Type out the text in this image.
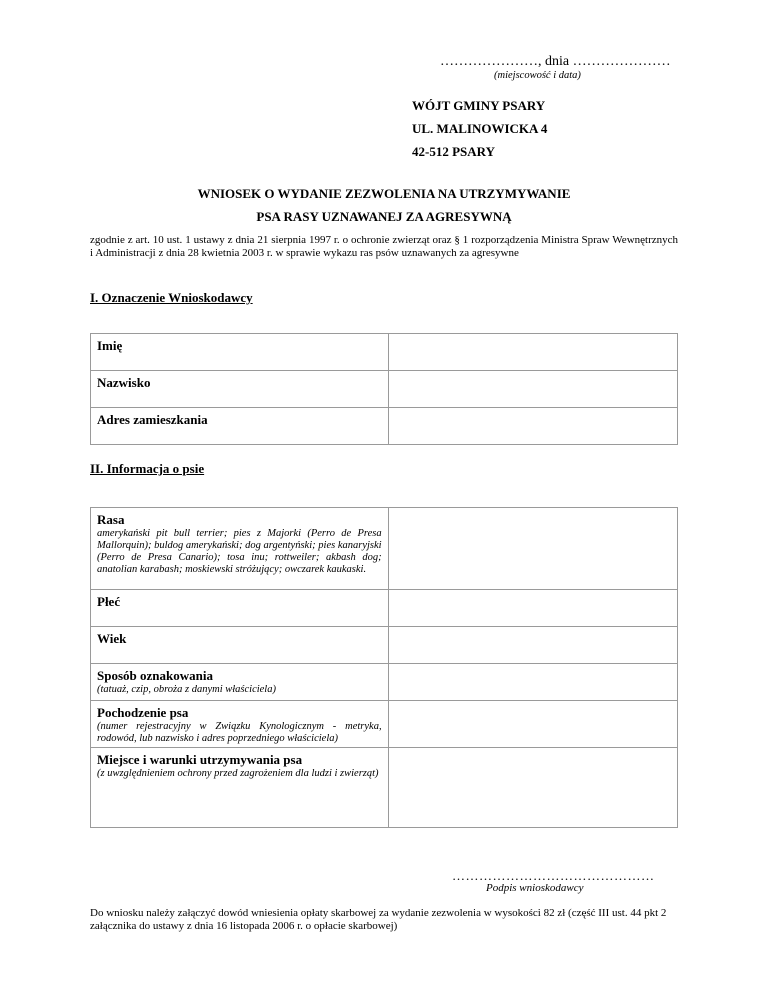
…………………, dnia …………………
(miejscowość i data)
WÓJT GMINY PSARY
UL. MALINOWICKA 4
42-512 PSARY
WNIOSEK O WYDANIE ZEZWOLENIA NA UTRZYMYWANIE
PSA RASY UZNAWANEJ ZA AGRESYWNĄ
zgodnie z art. 10 ust. 1 ustawy z dnia 21 sierpnia 1997 r. o ochronie zwierząt oraz § 1 rozporządzenia Ministra Spraw Wewnętrznych i Administracji z dnia 28 kwietnia 2003 r. w sprawie wykazu ras psów uznawanych za agresywne
I. Oznaczenie Wnioskodawcy
Imię	

Nazwisko	

Adres zamieszkania	

II. Informacja o psie
Rasa
amerykański pit bull terrier; pies z Majorki (Perro de Presa Mallorquin); buldog amerykański; dog argentyński; pies kanaryjski (Perro de Presa Canario); tosa inu; rottweiler; akbash dog; anatolian karabash; moskiewski stróżujący; owczarek kaukaski.	

Płeć	

Wiek	

Sposób oznakowania
(tatuaż, czip, obroża z danymi właściciela)	

Pochodzenie psa
(numer rejestracyjny w Związku Kynologicznym - metryka, rodowód, lub nazwisko i adres poprzedniego właściciela)	

Miejsce i warunki utrzymywania psa
(z uwzględnieniem ochrony przed zagrożeniem dla ludzi i zwierząt)	

………………………………………
Podpis wnioskodawcy
Do wniosku należy załączyć dowód wniesienia opłaty skarbowej za wydanie zezwolenia w wysokości 82 zł (część III ust. 44 pkt 2 załącznika do ustawy z dnia 16 listopada 2006 r. o opłacie skarbowej)
